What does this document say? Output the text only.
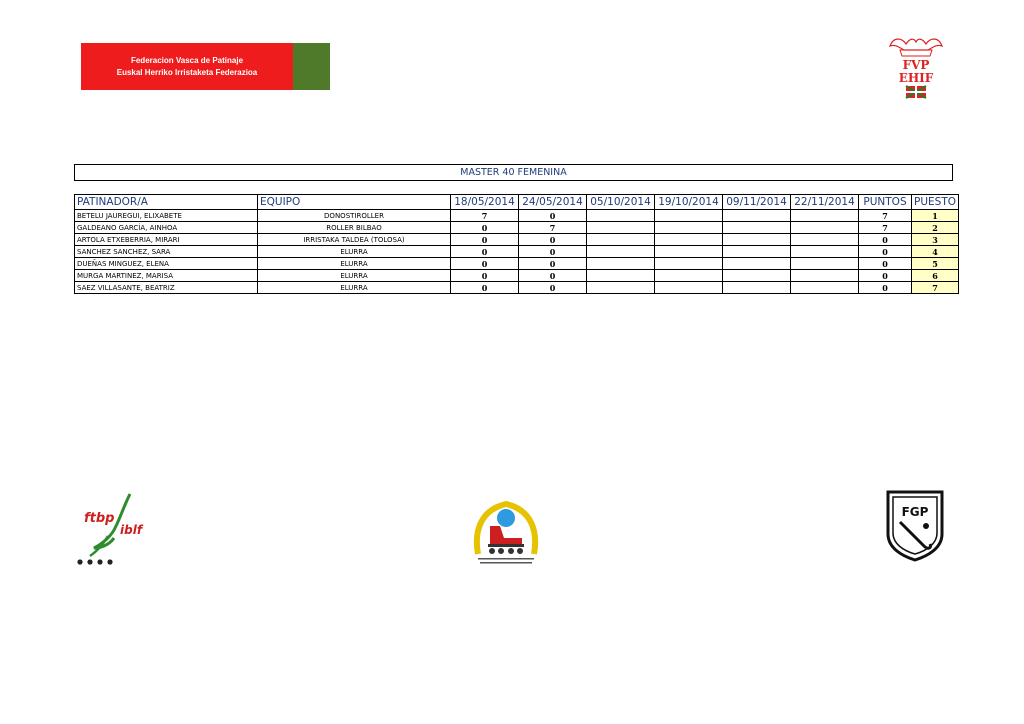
Federacion Vasca de Patinaje
Euskal Herriko Irristaketa Federazioa
FVP
EHIF
MASTER 40 FEMENINA
PATINADOR/A	EQUIPO	18/05/2014	24/05/2014	05/10/2014	19/10/2014	09/11/2014	22/11/2014	PUNTOS	PUESTO
BETELU JAUREGUI, ELIXABETE	DONOSTIROLLER	7	0					7	1
GALDEANO GARCÍA, AINHOA	ROLLER BILBAO	0	7					7	2
ARTOLA ETXEBERRIA, MIRARI	IRRISTAKA TALDEA (TOLOSA)	0	0					0	3
SANCHEZ SANCHEZ, SARA	ELURRA	0	0					0	4
DUEÑAS MINGUEZ, ELENA	ELURRA	0	0					0	5
MURGA MARTINEZ, MARISA	ELURRA	0	0					0	6
SAEZ VILLASANTE, BEATRIZ	ELURRA	0	0					0	7
ftbp
iblf
FGP
